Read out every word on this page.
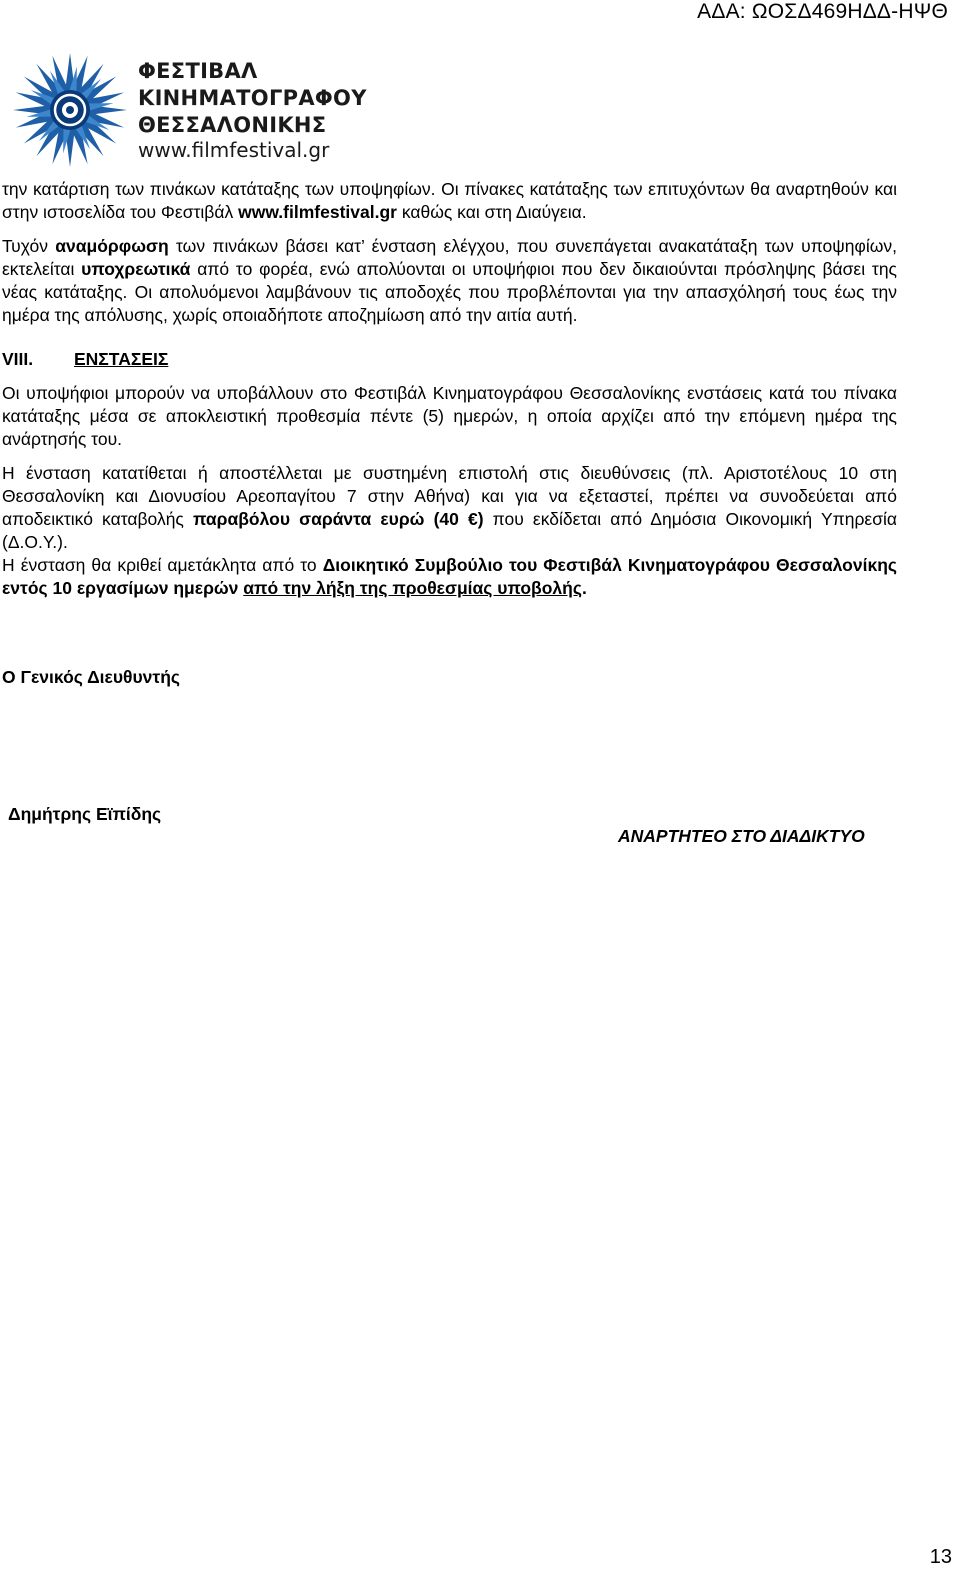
ΑΔΑ: ΩΟΣΔ469ΗΔΔ-ΗΨΘ
ΦΕΣΤΙΒΑΛ
ΚΙΝΗΜΑΤΟΓΡΑΦΟΥ
ΘΕΣΣΑΛΟΝΙΚΗΣ
www.filmfestival.gr

την κατάρτιση των πινάκων κατάταξης των υποψηφίων. Οι πίνακες κατάταξης των επιτυχόντων θα αναρτηθούν και στην ιστοσελίδα του Φεστιβάλ www.filmfestival.gr καθώς και στη Διαύγεια.

Τυχόν αναμόρφωση των πινάκων βάσει κατ’ ένσταση ελέγχου, που συνεπάγεται ανακατάταξη των υποψηφίων, εκτελείται υποχρεωτικά από το φορέα, ενώ απολύονται οι υποψήφιοι που δεν δικαιούνται πρόσληψης βάσει της νέας κατάταξης. Οι απολυόμενοι λαμβάνουν τις αποδοχές που προβλέπονται για την απασχόλησή τους έως την ημέρα της απόλυσης, χωρίς οποιαδήποτε αποζημίωση από την αιτία αυτή.

VIII. ΕΝΣΤΑΣΕΙΣ

Οι υποψήφιοι μπορούν να υποβάλλουν στο Φεστιβάλ Κινηματογράφου Θεσσαλονίκης ενστάσεις κατά του πίνακα κατάταξης μέσα σε αποκλειστική προθεσμία πέντε (5) ημερών, η οποία αρχίζει από την επόμενη ημέρα της ανάρτησής του.

Η ένσταση κατατίθεται ή αποστέλλεται με συστημένη επιστολή στις διευθύνσεις (πλ. Αριστοτέλους 10 στη Θεσσαλονίκη και Διονυσίου Αρεοπαγίτου 7 στην Αθήνα) και για να εξεταστεί, πρέπει να συνοδεύεται από αποδεικτικό καταβολής παραβόλου σαράντα ευρώ (40 €) που εκδίδεται από Δημόσια Οικονομική Υπηρεσία (Δ.Ο.Υ.).

Η ένσταση θα κριθεί αμετάκλητα από το Διοικητικό Συμβούλιο του Φεστιβάλ Κινηματογράφου Θεσσαλονίκης εντός 10 εργασίμων ημερών από την λήξη της προθεσμίας υποβολής.

Ο Γενικός Διευθυντής
Δημήτρης Εϊπίδης
ΑΝΑΡΤΗΤΕΟ ΣΤΟ ΔΙΑΔΙΚΤΥΟ
13
